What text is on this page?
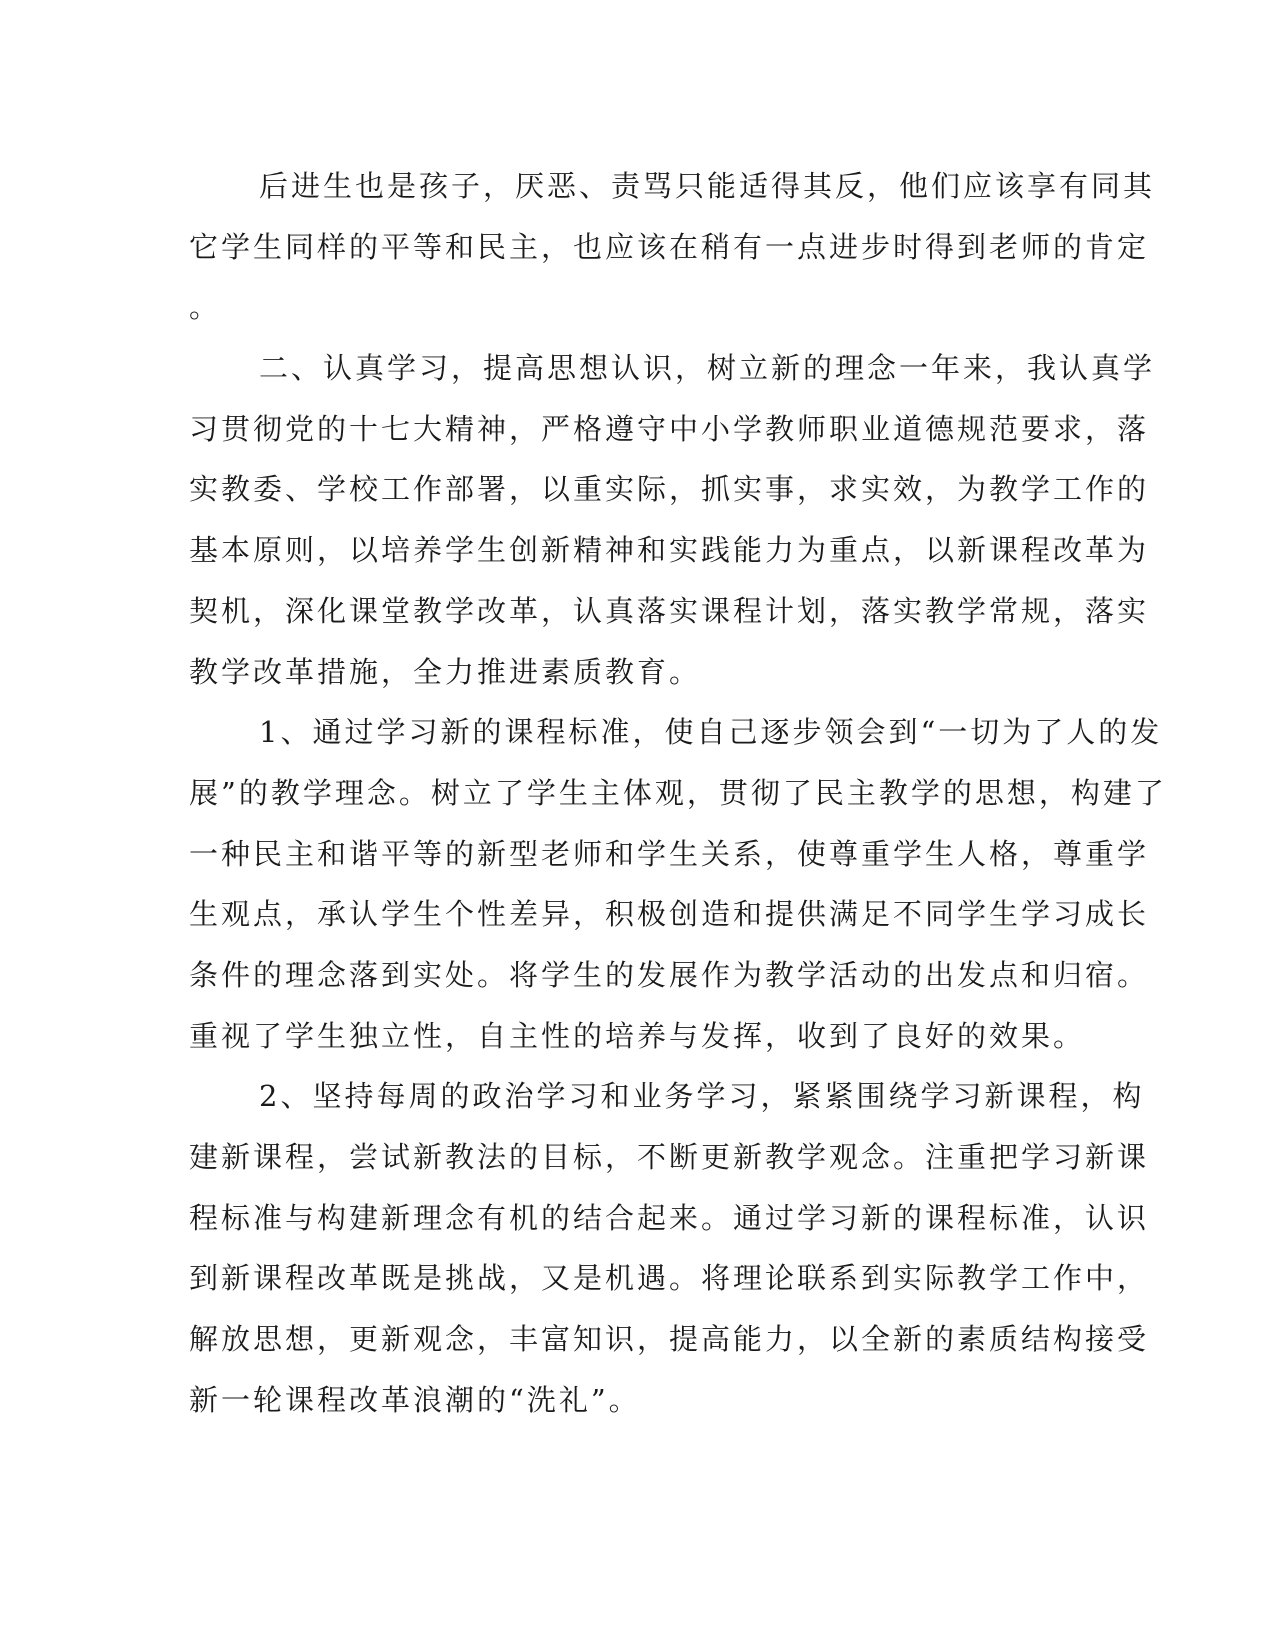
后进生也是孩子，厌恶、责骂只能适得其反，他们应该享有同其
它学生同样的平等和民主，也应该在稍有一点进步时得到老师的肯定
。
二、认真学习，提高思想认识，树立新的理念一年来，我认真学
习贯彻党的十七大精神，严格遵守中小学教师职业道德规范要求，落
实教委、学校工作部署，以重实际，抓实事，求实效，为教学工作的
基本原则，以培养学生创新精神和实践能力为重点，以新课程改革为
契机，深化课堂教学改革，认真落实课程计划，落实教学常规，落实
教学改革措施，全力推进素质教育。
1、通过学习新的课程标准，使自己逐步领会到“一切为了人的发
展”的教学理念。树立了学生主体观，贯彻了民主教学的思想，构建了
一种民主和谐平等的新型老师和学生关系，使尊重学生人格，尊重学
生观点，承认学生个性差异，积极创造和提供满足不同学生学习成长
条件的理念落到实处。将学生的发展作为教学活动的出发点和归宿。
重视了学生独立性，自主性的培养与发挥，收到了良好的效果。
2、坚持每周的政治学习和业务学习，紧紧围绕学习新课程，构
建新课程，尝试新教法的目标，不断更新教学观念。注重把学习新课
程标准与构建新理念有机的结合起来。通过学习新的课程标准，认识
到新课程改革既是挑战，又是机遇。将理论联系到实际教学工作中，
解放思想，更新观念，丰富知识，提高能力，以全新的素质结构接受
新一轮课程改革浪潮的“洗礼”。
